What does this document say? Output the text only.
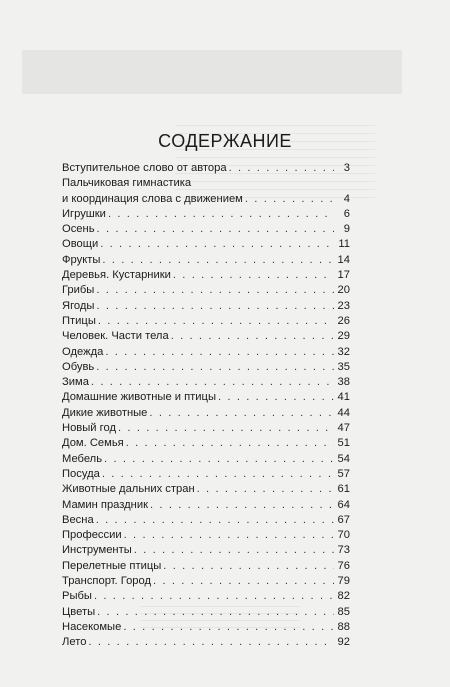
СОДЕРЖАНИЕ
Вступительное слово от автора . . .	3
Пальчиковая гимнастика
и координация слова с движением . . .	4
Игрушки . . .	6
Осень . . .	9
Овощи . . .	11
Фрукты . . .	14
Деревья. Кустарники . . .	17
Грибы . . .	20
Ягоды . . .	23
Птицы . . .	26
Человек. Части тела . . .	29
Одежда . . .	32
Обувь . . .	35
Зима . . .	38
Домашние животные и птицы . . .	41
Дикие животные . . .	44
Новый год . . .	47
Дом. Семья . . .	51
Мебель . . .	54
Посуда . . .	57
Животные дальних стран . . .	61
Мамин праздник . . .	64
Весна . . .	67
Профессии . . .	70
Инструменты . . .	73
Перелетные птицы . . .	76
Транспорт. Город . . .	79
Рыбы . . .	82
Цветы . . .	85
Насекомые . . .	88
Лето . . .	92
